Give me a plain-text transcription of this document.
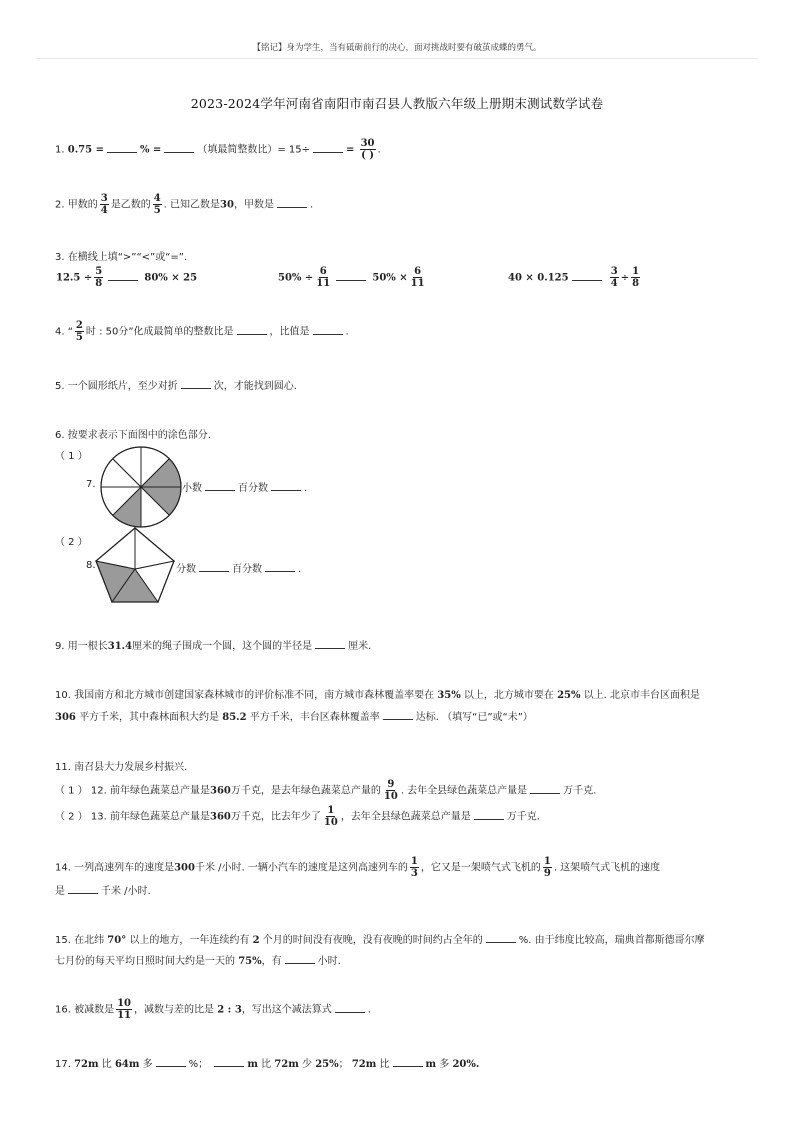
【铭记】身为学生，当有砥砺前行的决心，面对挑战时要有破茧成蝶的勇气。
2023-2024学年河南省南阳市南召县人教版六年级上册期末测试数学试卷
1. 0.75 =	% =	（填最简整数比）= 15÷	= $\frac{30}{( )}$ .
2. 甲数的 $\frac{3}{4}$ 是乙数的 $\frac{4}{5}$ . 已知乙数是30，甲数是	.
3. 在横线上填“>”“<”或“=”.
$12.5 \div \frac{5}{8}$	80% × 25	$50\% \div \frac{6}{11}$	$50\% \times \frac{6}{11}$	40 × 0.125	$\frac{3}{4} \div \frac{1}{8}$
4. “ $\frac{2}{5}$ 时 : 50分”化成最简单的整数比是	，比值是	.
5. 一个圆形纸片，至少对折	次，才能找到圆心.
6. 按要求表示下面图中的涂色部分.
（ 1 ）
7.	小数	百分数	.
（ 2 ）
8.	分数	百分数	.
9. 用一根长31.4厘米的绳子围成一个圆，这个圆的半径是	厘米.
10. 我国南方和北方城市创建国家森林城市的评价标准不同，南方城市森林覆盖率要在 35% 以上，北方城市要在 25% 以上. 北京市丰台区面积是
306 平方千米，其中森林面积大约是 85.2 平方千米，丰台区森林覆盖率	达标. （填写“已”或“未”）
11. 南召县大力发展乡村振兴.
（ 1 ） 12. 前年绿色蔬菜总产量是360万千克，是去年绿色蔬菜总产量的 $\frac{9}{10}$ . 去年全县绿色蔬菜总产量是	万千克.
（ 2 ） 13. 前年绿色蔬菜总产量是360万千克，比去年少了 $\frac{1}{10}$ ，去年全县绿色蔬菜总产量是	万千克.
14. 一列高速列车的速度是300千米 /小时. 一辆小汽车的速度是这列高速列车的 $\frac{1}{3}$ ，它又是一架喷气式飞机的 $\frac{1}{9}$ . 这架喷气式飞机的速度
是	千米 /小时.
15. 在北纬 70° 以上的地方，一年连续约有 2 个月的时间没有夜晚，没有夜晚的时间约占全年的	%. 由于纬度比较高，瑞典首都斯德哥尔摩
七月份的每天平均日照时间大约是一天的 75%，有	小时.
16. 被减数是 $\frac{10}{11}$ ，减数与差的比是 2 : 3，写出这个减法算式	.
17. 72m 比 64m 多	%；	m 比 72m 少 25%； 72m 比	m 多 20%.
